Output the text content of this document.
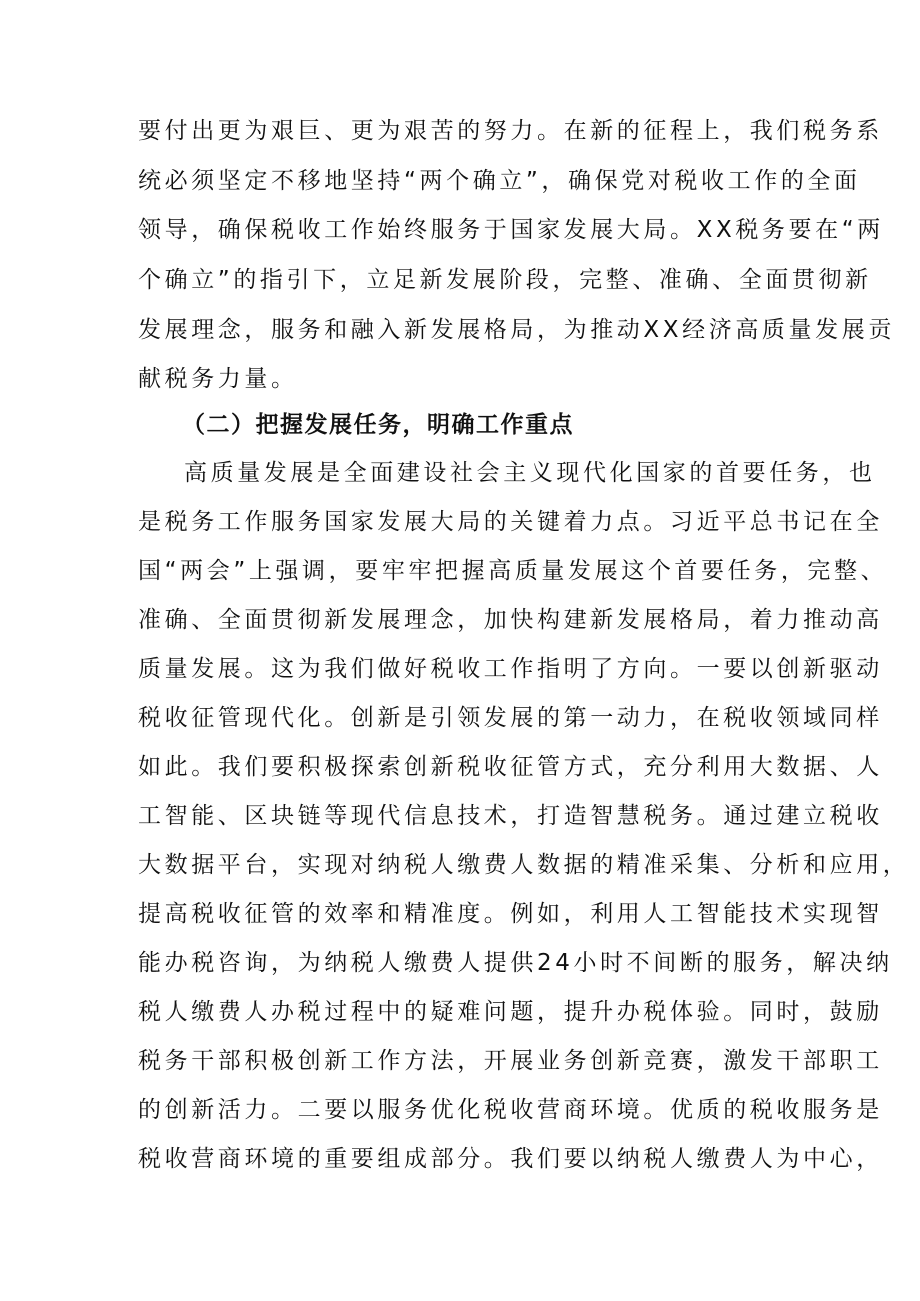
要付出更为艰巨、更为艰苦的努力。在新的征程上，我们税务系
统必须坚定不移地坚持“两个确立”，确保党对税收工作的全面
领导，确保税收工作始终服务于国家发展大局。XX税务要在“两
个确立”的指引下，立足新发展阶段，完整、准确、全面贯彻新
发展理念，服务和融入新发展格局，为推动XX经济高质量发展贡
献税务力量。
（二）把握发展任务，明确工作重点
高质量发展是全面建设社会主义现代化国家的首要任务，也
是税务工作服务国家发展大局的关键着力点。习近平总书记在全
国“两会”上强调，要牢牢把握高质量发展这个首要任务，完整、
准确、全面贯彻新发展理念，加快构建新发展格局，着力推动高
质量发展。这为我们做好税收工作指明了方向。一要以创新驱动
税收征管现代化。创新是引领发展的第一动力，在税收领域同样
如此。我们要积极探索创新税收征管方式，充分利用大数据、人
工智能、区块链等现代信息技术，打造智慧税务。通过建立税收
大数据平台，实现对纳税人缴费人数据的精准采集、分析和应用，
提高税收征管的效率和精准度。例如，利用人工智能技术实现智
能办税咨询，为纳税人缴费人提供24小时不间断的服务，解决纳
税人缴费人办税过程中的疑难问题，提升办税体验。同时，鼓励
税务干部积极创新工作方法，开展业务创新竞赛，激发干部职工
的创新活力。二要以服务优化税收营商环境。优质的税收服务是
税收营商环境的重要组成部分。我们要以纳税人缴费人为中心，
